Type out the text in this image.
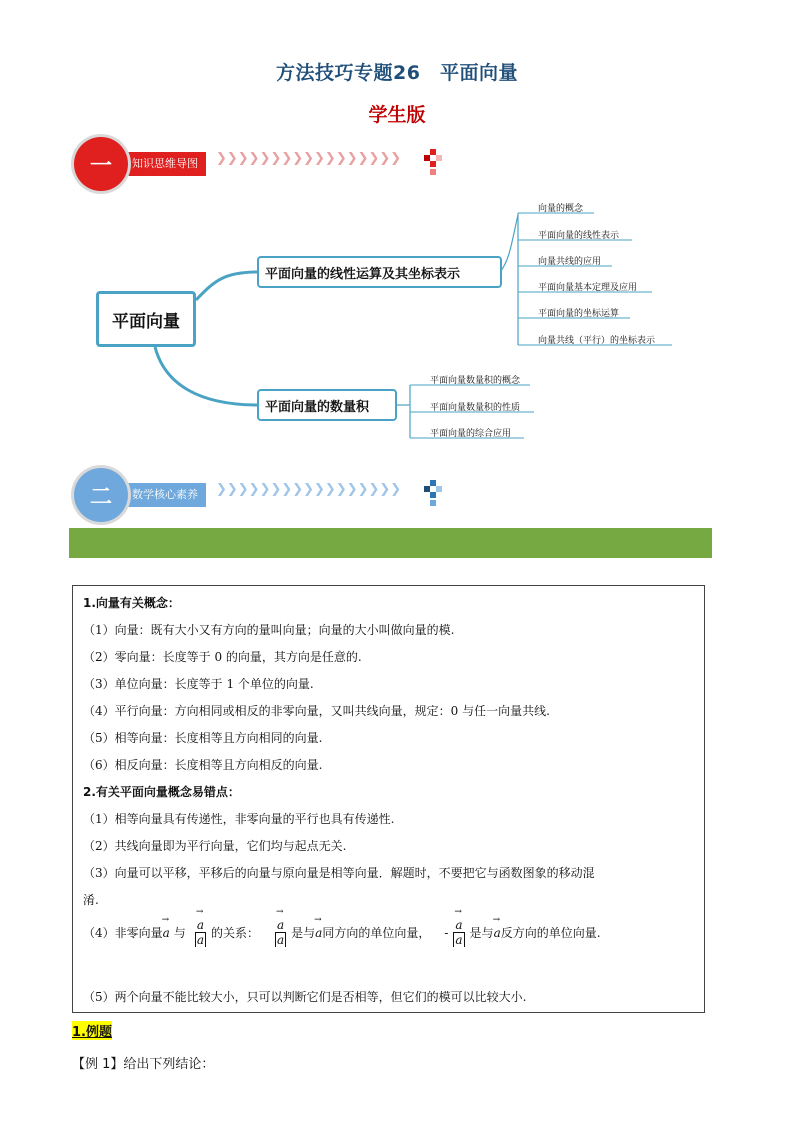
方法技巧专题26　平面向量
学生版
一	知识思维导图	❯❯❯❯❯❯❯❯❯❯❯❯❯❯❯❯❯
平面向量
平面向量的线性运算及其坐标表示
平面向量的数量积
向量的概念
平面向量的线性表示
向量共线的应用
平面向量基本定理及应用
平面向量的坐标运算
向量共线（平行）的坐标表示
平面向量数量积的概念
平面向量数量积的性质
平面向量的综合应用
二	数学核心素养	❯❯❯❯❯❯❯❯❯❯❯❯❯❯❯❯❯
1.向量有关概念：
（1）向量：既有大小又有方向的量叫向量；向量的大小叫做向量的模.
（2）零向量：长度等于 0 的向量，其方向是任意的.
（3）单位向量：长度等于 1 个单位的向量.
（4）平行向量：方向相同或相反的非零向量，又叫共线向量，规定：0 与任一向量共线.
（5）相等向量：长度相等且方向相同的向量.
（6）相反向量：长度相等且方向相反的向量.
2.有关平面向量概念易错点：
（1）相等向量具有传递性，非零向量的平行也具有传递性.
（2）共线向量即为平行向量，它们均与起点无关.
（3）向量可以平移，平移后的向量与原向量是相等向量．解题时，不要把它与函数图象的移动混
淆.
（4）非零向量 → a 与 → $\frac{a}{a}$ 的关系： → $\frac{a}{a}$ 是与 → a 同方向的单位向量， - → $\frac{a}{a}$ 是与 → a 反方向的单位向量.
（5）两个向量不能比较大小，只可以判断它们是否相等，但它们的模可以比较大小.
1.例题
【例 1】给出下列结论：
